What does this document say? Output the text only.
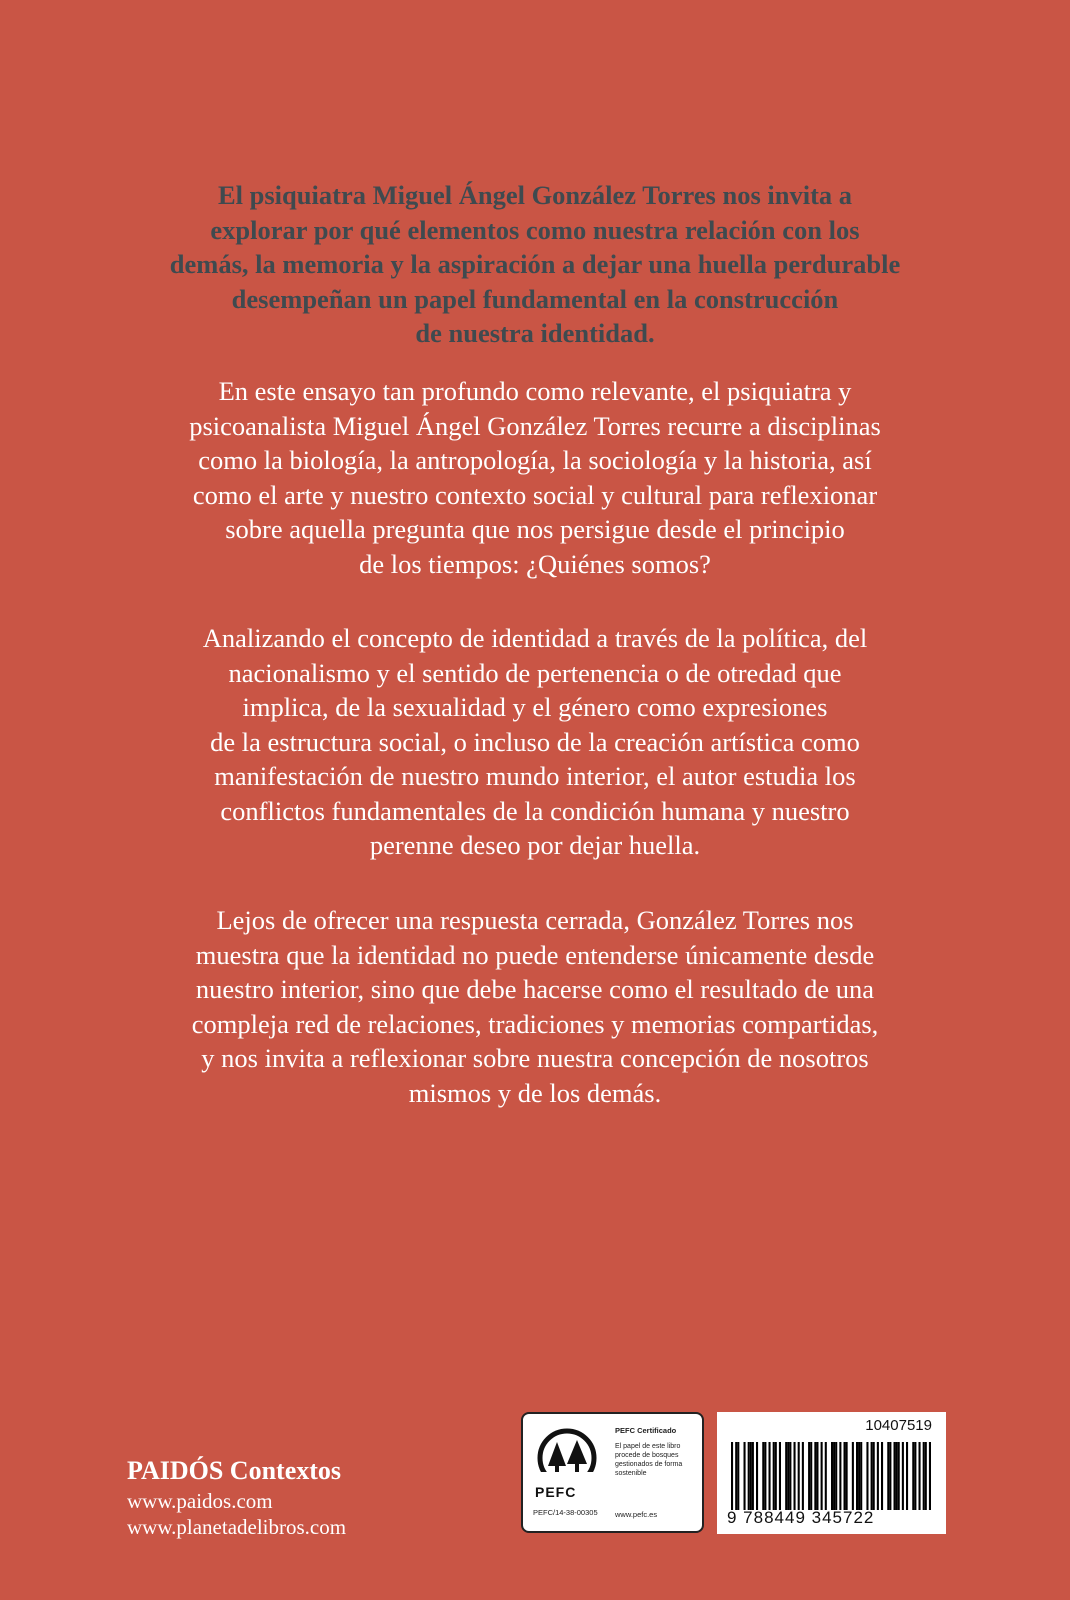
El psiquiatra Miguel Ángel González Torres nos invita a
explorar por qué elementos como nuestra relación con los
demás, la memoria y la aspiración a dejar una huella perdurable
desempeñan un papel fundamental en la construcción
de nuestra identidad.
En este ensayo tan profundo como relevante, el psiquiatra y
psicoanalista Miguel Ángel González Torres recurre a disciplinas
como la biología, la antropología, la sociología y la historia, así
como el arte y nuestro contexto social y cultural para reflexionar
sobre aquella pregunta que nos persigue desde el principio
de los tiempos: ¿Quiénes somos?
Analizando el concepto de identidad a través de la política, del
nacionalismo y el sentido de pertenencia o de otredad que
implica, de la sexualidad y el género como expresiones
de la estructura social, o incluso de la creación artística como
manifestación de nuestro mundo interior, el autor estudia los
conflictos fundamentales de la condición humana y nuestro
perenne deseo por dejar huella.
Lejos de ofrecer una respuesta cerrada, González Torres nos
muestra que la identidad no puede entenderse únicamente desde
nuestro interior, sino que debe hacerse como el resultado de una
compleja red de relaciones, tradiciones y memorias compartidas,
y nos invita a reflexionar sobre nuestra concepción de nosotros
mismos y de los demás.
PAIDÓS Contextos
www.paidos.com
www.planetadelibros.com
PEFC
PEFC Certificado
El papel de este libro procede de bosques gestionados de forma sostenible
PEFC/14-38-00305 www.pefc.es
10407519
9 788449 345722
